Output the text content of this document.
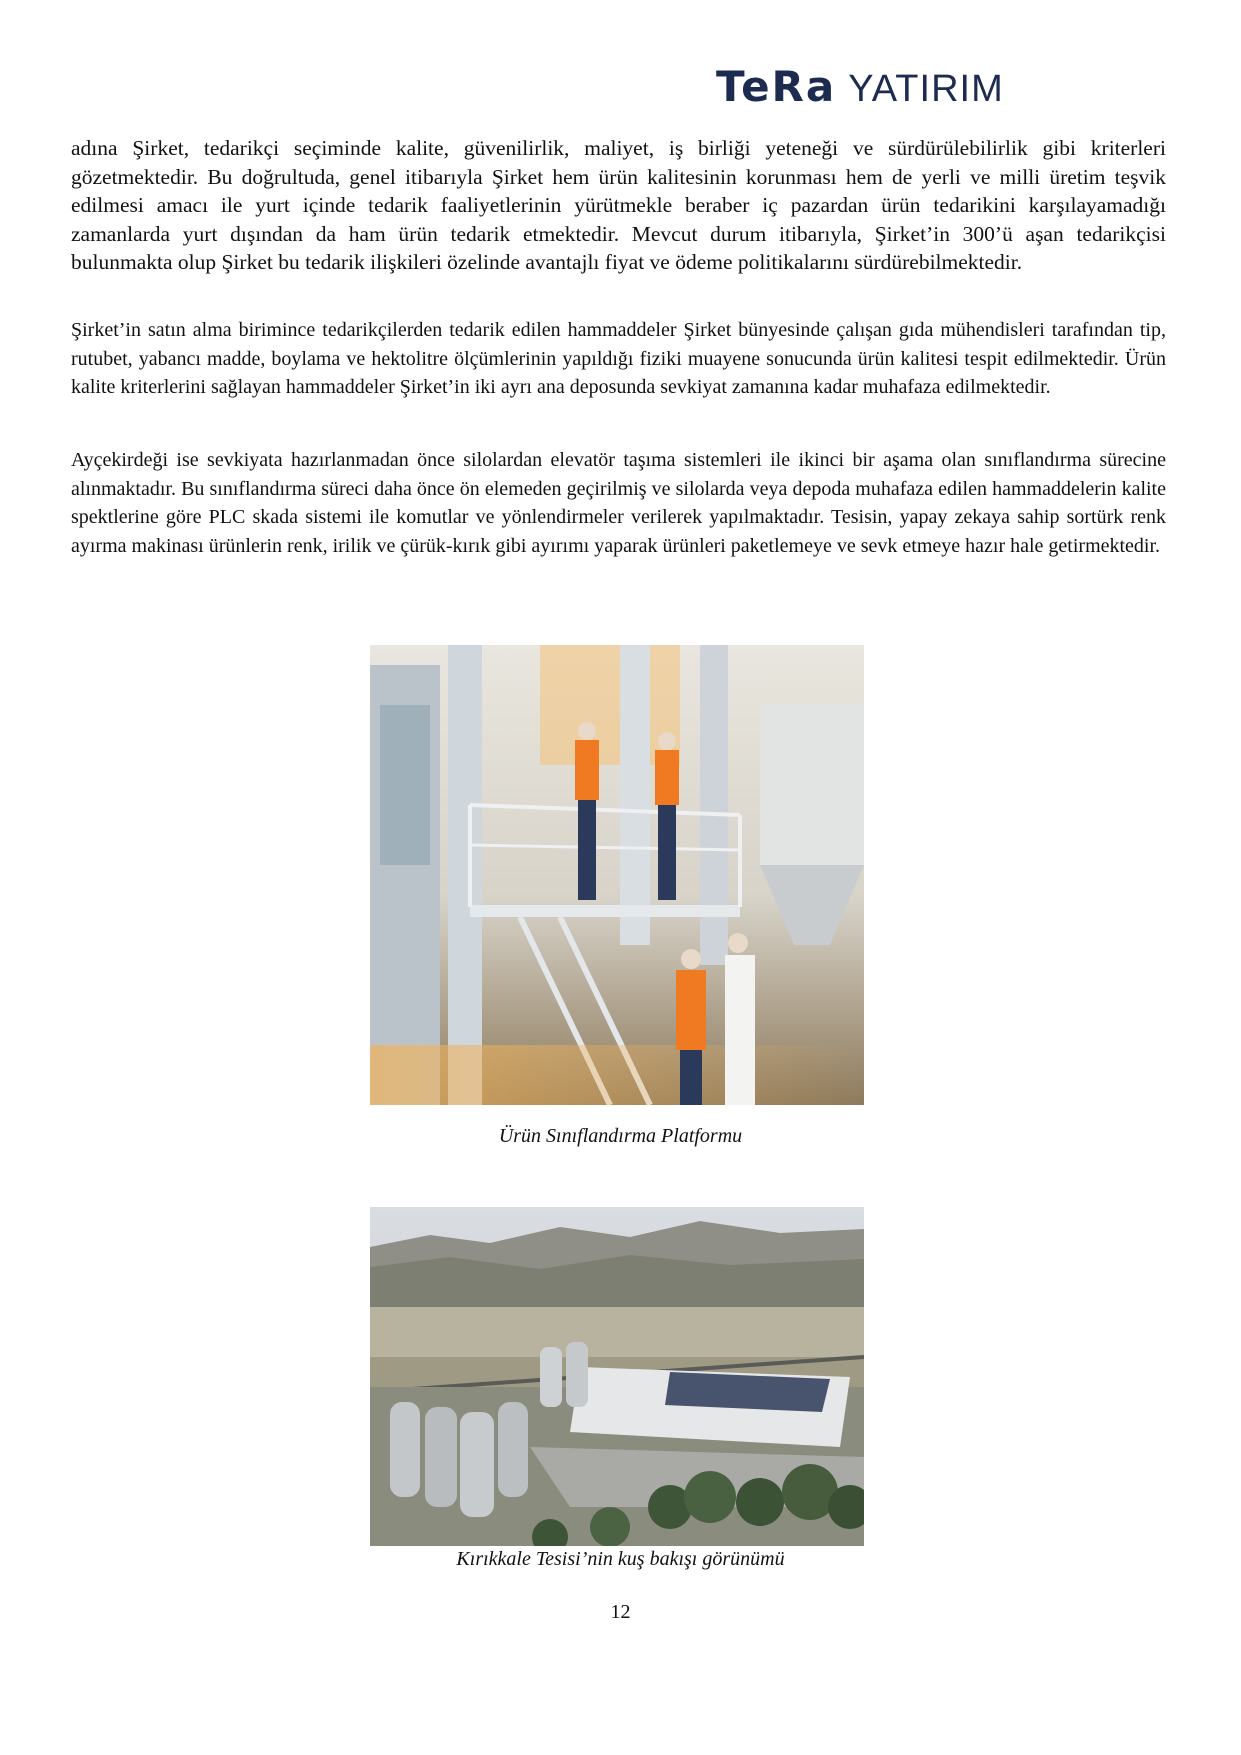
TeRa YATIRIM

adına Şirket, tedarikçi seçiminde kalite, güvenilirlik, maliyet, iş birliği yeteneği ve sürdürülebilirlik gibi kriterleri gözetmektedir. Bu doğrultuda, genel itibarıyla Şirket hem ürün kalitesinin korunması hem de yerli ve milli üretim teşvik edilmesi amacı ile yurt içinde tedarik faaliyetlerinin yürütmekle beraber iç pazardan ürün tedarikini karşılayamadığı zamanlarda yurt dışından da ham ürün tedarik etmektedir. Mevcut durum itibarıyla, Şirket’in 300’ü aşan tedarikçisi bulunmakta olup Şirket bu tedarik ilişkileri özelinde avantajlı fiyat ve ödeme politikalarını sürdürebilmektedir.

Şirket’in satın alma birimince tedarikçilerden tedarik edilen hammaddeler Şirket bünyesinde çalışan gıda mühendisleri tarafından tip, rutubet, yabancı madde, boylama ve hektolitre ölçümlerinin yapıldığı fiziki muayene sonucunda ürün kalitesi tespit edilmektedir. Ürün kalite kriterlerini sağlayan hammaddeler Şirket’in iki ayrı ana deposunda sevkiyat zamanına kadar muhafaza edilmektedir.

Ayçekirdeği ise sevkiyata hazırlanmadan önce silolardan elevatör taşıma sistemleri ile ikinci bir aşama olan sınıflandırma sürecine alınmaktadır. Bu sınıflandırma süreci daha önce ön elemeden geçirilmiş ve silolarda veya depoda muhafaza edilen hammaddelerin kalite spektlerine göre PLC skada sistemi ile komutlar ve yönlendirmeler verilerek yapılmaktadır. Tesisin, yapay zekaya sahip sortürk renk ayırma makinası ürünlerin renk, irilik ve çürük-kırık gibi ayırımı yaparak ürünleri paketlemeye ve sevk etmeye hazır hale getirmektedir.

Ürün Sınıflandırma Platformu

Kırıkkale Tesisi’nin kuş bakışı görünümü

12
